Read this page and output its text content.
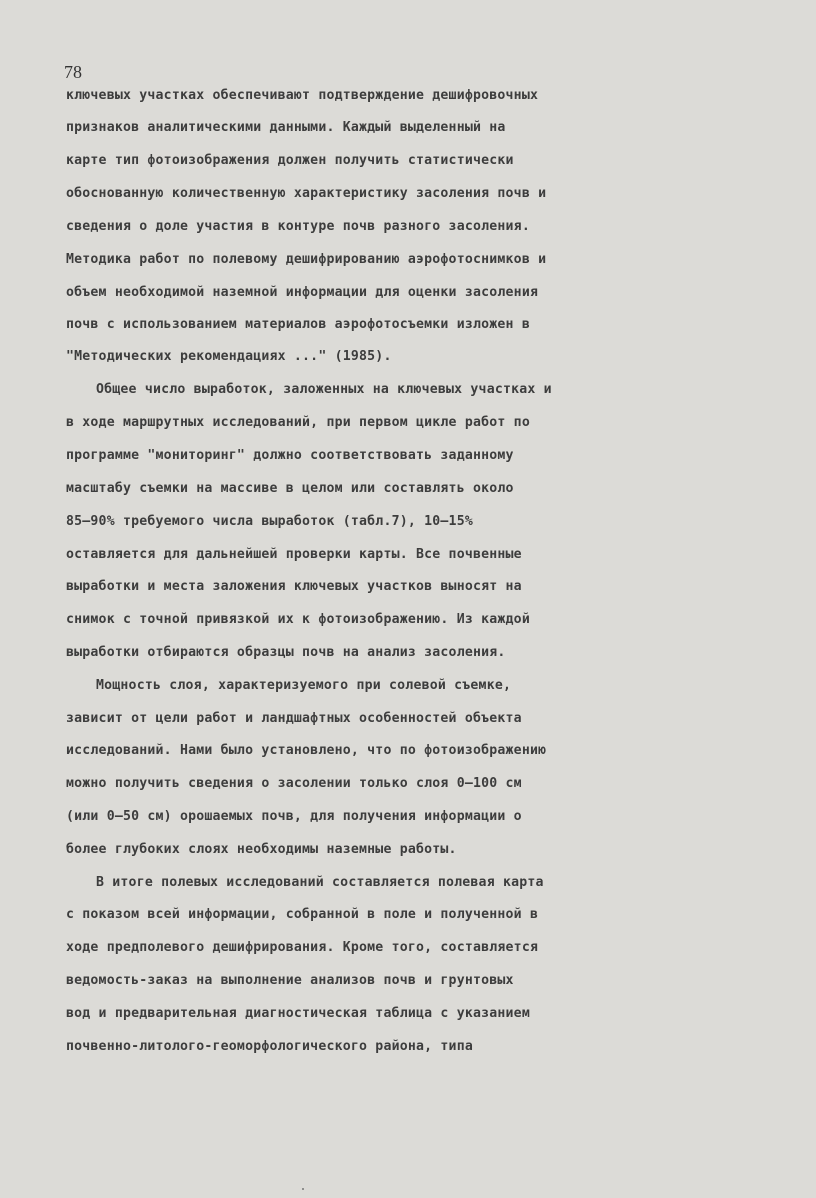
78
ключевых участках обеспечивают подтверждение дешифровочных
признаков аналитическими данными. Каждый выделенный на
карте тип фотоизображения должен получить статистически
обоснованную количественную характеристику засоления почв и
сведения о доле участия в контуре почв разного засоления.
Методика работ по полевому дешифрированию аэрофотоснимков и
объем необходимой наземной информации для оценки засоления
почв с использованием материалов аэрофотосъемки изложен в
"Методических рекомендациях ..." (1985).
Общее число выработок, заложенных на ключевых участках и
в ходе маршрутных исследований, при первом цикле работ по
программе "мониторинг" должно соответствовать заданному
масштабу съемки на массиве в целом или составлять около
85–90% требуемого числа выработок (табл.7), 10–15%
оставляется для дальнейшей проверки карты. Все почвенные
выработки и места заложения ключевых участков выносят на
снимок с точной привязкой их к фотоизображению. Из каждой
выработки отбираются образцы почв на анализ засоления.
Мощность слоя, характеризуемого при солевой съемке,
зависит от цели работ и ландшафтных особенностей объекта
исследований. Нами было установлено, что по фотоизображению
можно получить сведения о засолении только слоя 0–100 см
(или 0–50 см) орошаемых почв, для получения информации о
более глубоких слоях необходимы наземные работы.
В итоге полевых исследований составляется полевая карта
с показом всей информации, собранной в поле и полученной в
ходе предполевого дешифрирования. Кроме того, составляется
ведомость-заказ на выполнение анализов почв и грунтовых
вод и предварительная диагностическая таблица с указанием
почвенно-литолого-геоморфологического района, типа
